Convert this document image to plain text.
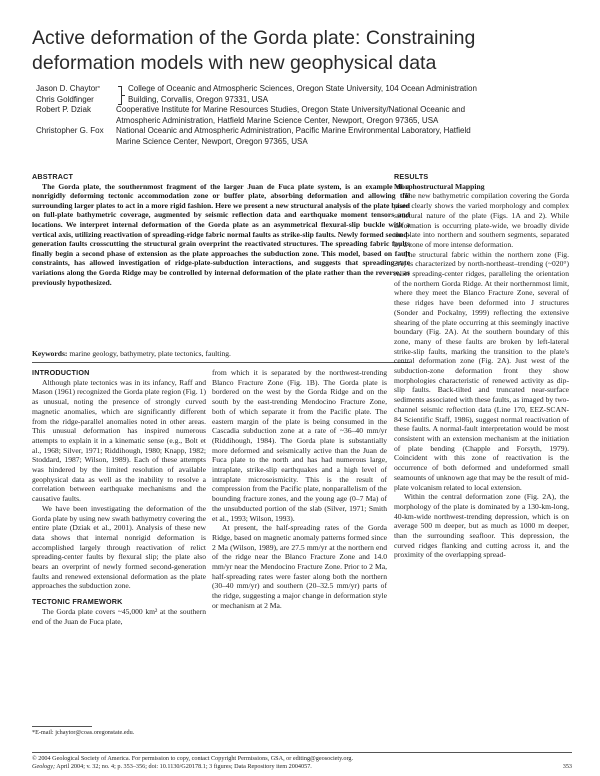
Active deformation of the Gorda plate: Constraining deformation models with new geophysical data
Jason D. Chaytor*	College of Oceanic and Atmospheric Sciences, Oregon State University, 104 Ocean Administration
Chris Goldfinger	Building, Corvallis, Oregon 97331, USA
Robert P. Dziak	Cooperative Institute for Marine Resources Studies, Oregon State University/National Oceanic and
Atmospheric Administration, Hatfield Marine Science Center, Newport, Oregon 97365, USA
Christopher G. Fox	National Oceanic and Atmospheric Administration, Pacific Marine Environmental Laboratory, Hatfield
Marine Science Center, Newport, Oregon 97365, USA

ABSTRACT

The Gorda plate, the southernmost fragment of the larger Juan de Fuca plate system, is an example of a nonrigidly deforming tectonic accommodation zone or buffer plate, absorbing deformation and allowing the surrounding larger plates to act in a more rigid fashion. Here we present a new structural analysis of the plate based on full-plate bathymetric coverage, augmented by seismic reflection data and earthquake moment tensors and locations. We interpret internal deformation of the Gorda plate as an asymmetrical flexural-slip buckle with a vertical axis, utilizing reactivation of spreading-ridge fabric normal faults as strike-slip faults. Newly formed second-generation faults crosscutting the structural grain overprint the reactivated structures. The spreading fabric faults finally begin a second phase of extension as the plate approaches the subduction zone. This model, based on fault constraints, has allowed investigation of ridge-plate-subduction interactions, and suggests that spreading-rate variations along the Gorda Ridge may be controlled by internal deformation of the plate rather than the reverse, as previously hypothesized.

Keywords: marine geology, bathymetry, plate tectonics, faulting.

INTRODUCTION

Although plate tectonics was in its infancy, Raff and Mason (1961) recognized the Gorda plate region (Fig. 1) as unusual, noting the presence of strongly curved magnetic anomalies, which are significantly different from the ridge-parallel anomalies noted in other areas. This unusual deformation has inspired numerous attempts to explain it in a kinematic sense (e.g., Bolt et al., 1968; Silver, 1971; Riddihough, 1980; Knapp, 1982; Stoddard, 1987; Wilson, 1989). Each of these attempts was hindered by the limited resolution of available geophysical data as well as the inability to resolve a correlation between earthquake mechanisms and the causative faults.

We have been investigating the deformation of the Gorda plate by using new swath bathymetry covering the entire plate (Dziak et al., 2001). Analysis of these new data shows that internal nonrigid deformation is accomplished largely through reactivation of relict spreading-center faults by flexural slip; the plate also bears an overprint of newly formed second-generation faults and renewed extensional deformation as the plate approaches the subduction zone.

TECTONIC FRAMEWORK

The Gorda plate covers ~45,000 km² at the southern end of the Juan de Fuca plate,

*E-mail: jchaytor@coas.oregonstate.edu.

from which it is separated by the northwest-trending Blanco Fracture Zone (Fig. 1B). The Gorda plate is bordered on the west by the Gorda Ridge and on the south by the east-trending Mendocino Fracture Zone, both of which separate it from the Pacific plate. The eastern margin of the plate is being consumed in the Cascadia subduction zone at a rate of ~36–40 mm/yr (Riddihough, 1984). The Gorda plate is substantially more deformed and seismically active than the Juan de Fuca plate to the north and has had numerous large, intraplate, strike-slip earthquakes and a high level of intraplate microseismicity. This is the result of compression from the Pacific plate, nonparallelism of the bounding fracture zones, and the young age (0–7 Ma) of the unsubducted portion of the slab (Silver, 1971; Smith et al., 1993; Wilson, 1993).

At present, the half-spreading rates of the Gorda Ridge, based on magnetic anomaly patterns formed since 2 Ma (Wilson, 1989), are 27.5 mm/yr at the northern end of the ridge near the Blanco Fracture Zone and 14.0 mm/yr near the Mendocino Fracture Zone. Prior to 2 Ma, half-spreading rates were faster along both the northern (30–40 mm/yr) and southern (20–32.5 mm/yr) parts of the ridge, suggesting a major change in deformation style or mechanism at 2 Ma.

RESULTS

Morphostructural Mapping

The new bathymetric compilation covering the Gorda plate clearly shows the varied morphology and complex structural nature of the plate (Figs. 1A and 2). While deformation is occurring plate-wide, we broadly divide the plate into northern and southern segments, separated by a zone of more intense deformation.

The structural fabric within the northern zone (Fig. 2A) is characterized by north-northeast–trending (~020°) relict spreading-center ridges, paralleling the orientation of the northern Gorda Ridge. At their northernmost limit, where they meet the Blanco Fracture Zone, several of these ridges have been deformed into J structures (Sonder and Pockalny, 1999) reflecting the extensive shearing of the plate occurring at this seemingly inactive boundary (Fig. 2A). At the southern boundary of this zone, many of these faults are broken by left-lateral strike-slip faults, marking the transition to the plate's central deformation zone (Fig. 2A). Just west of the subduction-zone deformation front they show morphologies characteristic of renewed activity as dip-slip faults. Back-tilted and truncated near-surface sediments associated with these faults, as imaged by two-channel seismic reflection data (Line 170, EEZ-SCAN-84 Scientific Staff, 1986), suggest normal reactivation of these faults. A normal-fault interpretation would be most consistent with an extension mechanism at the initiation of plate bending (Chapple and Forsyth, 1979). Coincident with this zone of reactivation is the occurrence of both deformed and undeformed small seamounts of unknown age that may be the result of mid-plate volcanism related to local extension.

Within the central deformation zone (Fig. 2A), the morphology of the plate is dominated by a 130-km-long, 40-km-wide northwest-trending depression, which is on average 500 m deeper, but as much as 1000 m deeper, than the surrounding seafloor. This depression, the curved ridges flanking and cutting across it, and the proximity of the overlapping spread-

© 2004 Geological Society of America. For permission to copy, contact Copyright Permissions, GSA, or editing@geosociety.org.
Geology; April 2004; v. 32; no. 4; p. 353–356; doi: 10.1130/G20178.1; 3 figures; Data Repository item 2004057.	353
